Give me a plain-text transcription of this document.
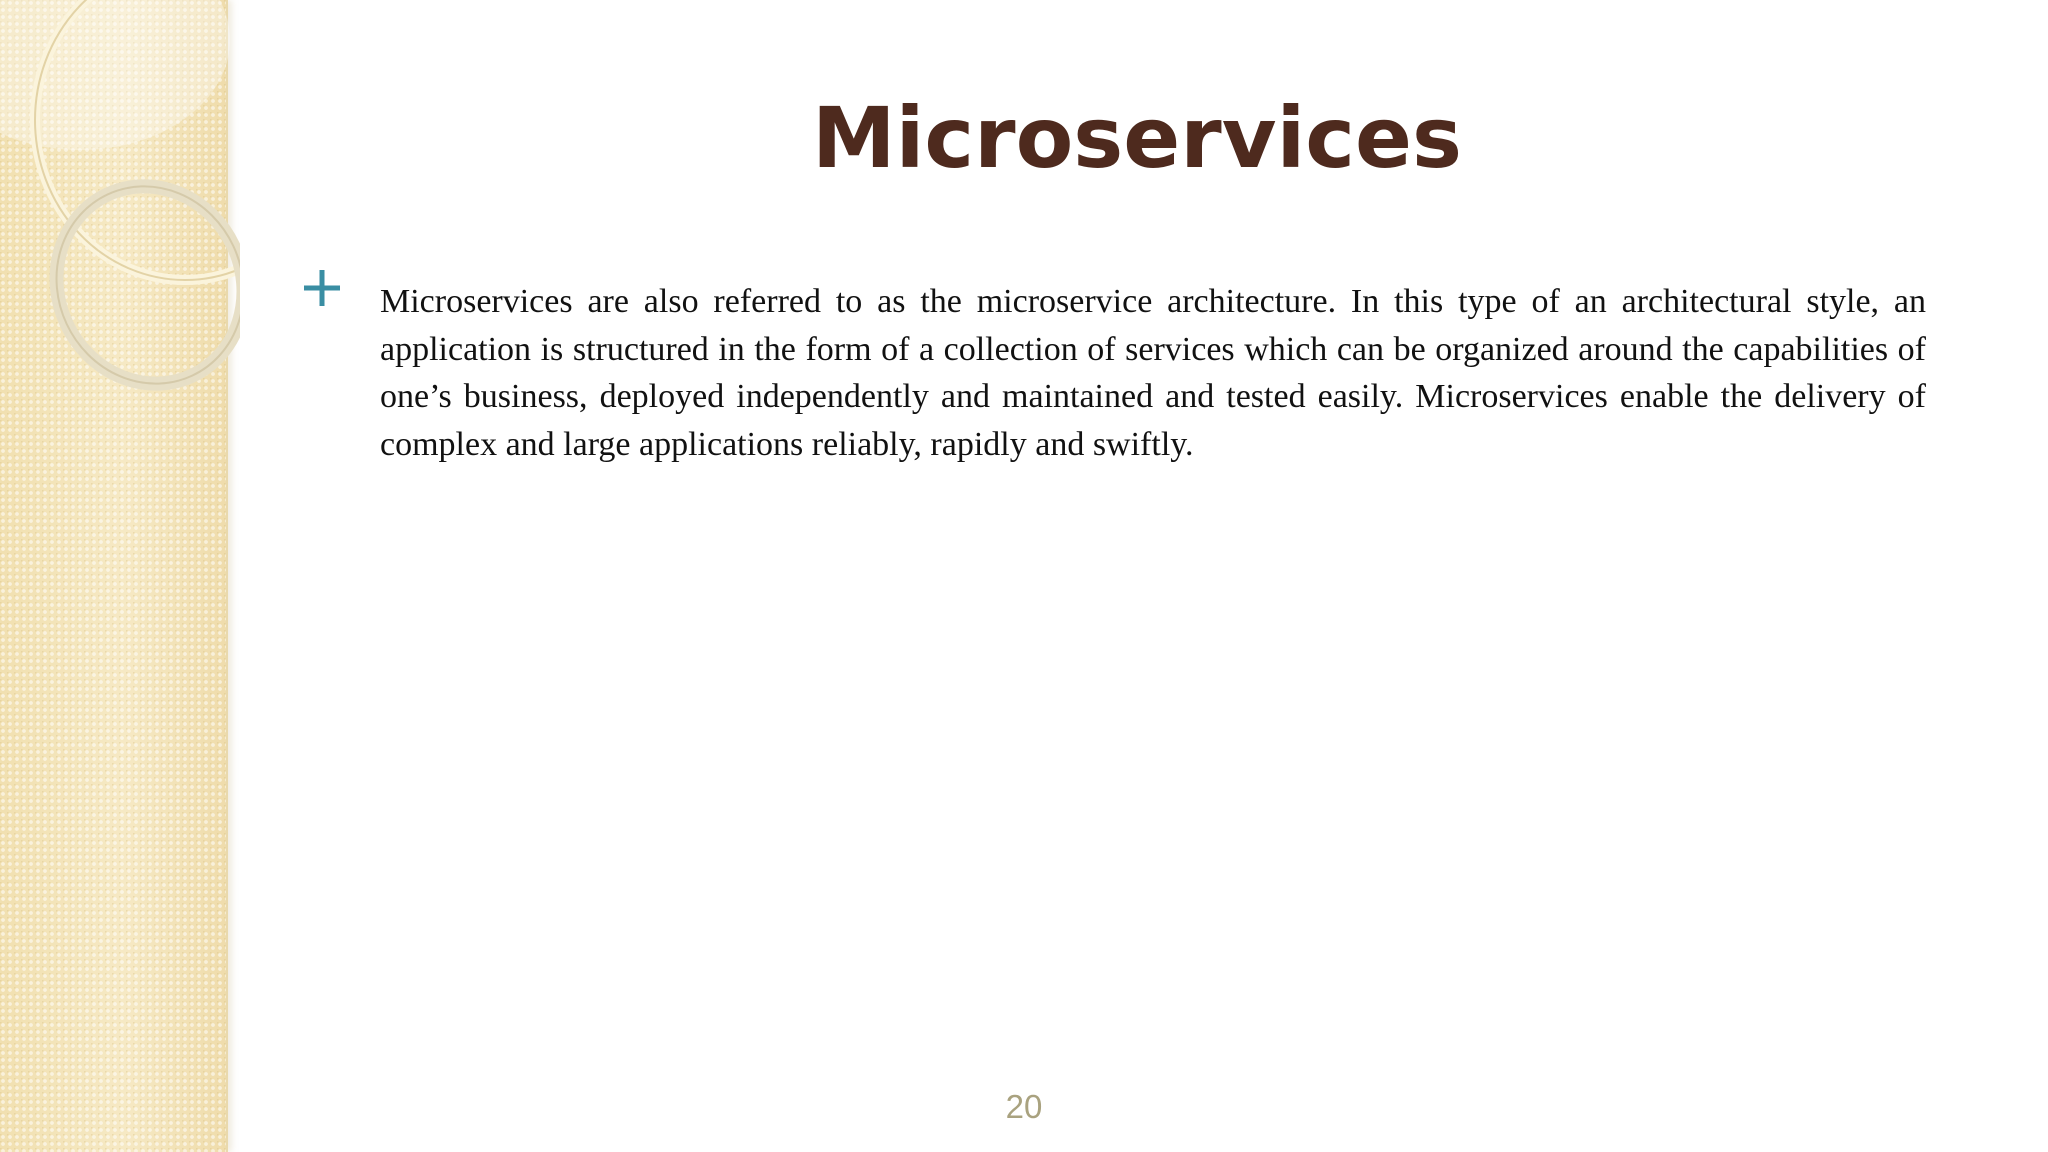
Microservices

Microservices are also referred to as the microservice architecture. In this type of an architectural style, an application is structured in the form of a collection of services which can be organized around the capabilities of one’s business, deployed independently and maintained and tested easily. Microservices enable the delivery of complex and large applications reliably, rapidly and swiftly.

20
